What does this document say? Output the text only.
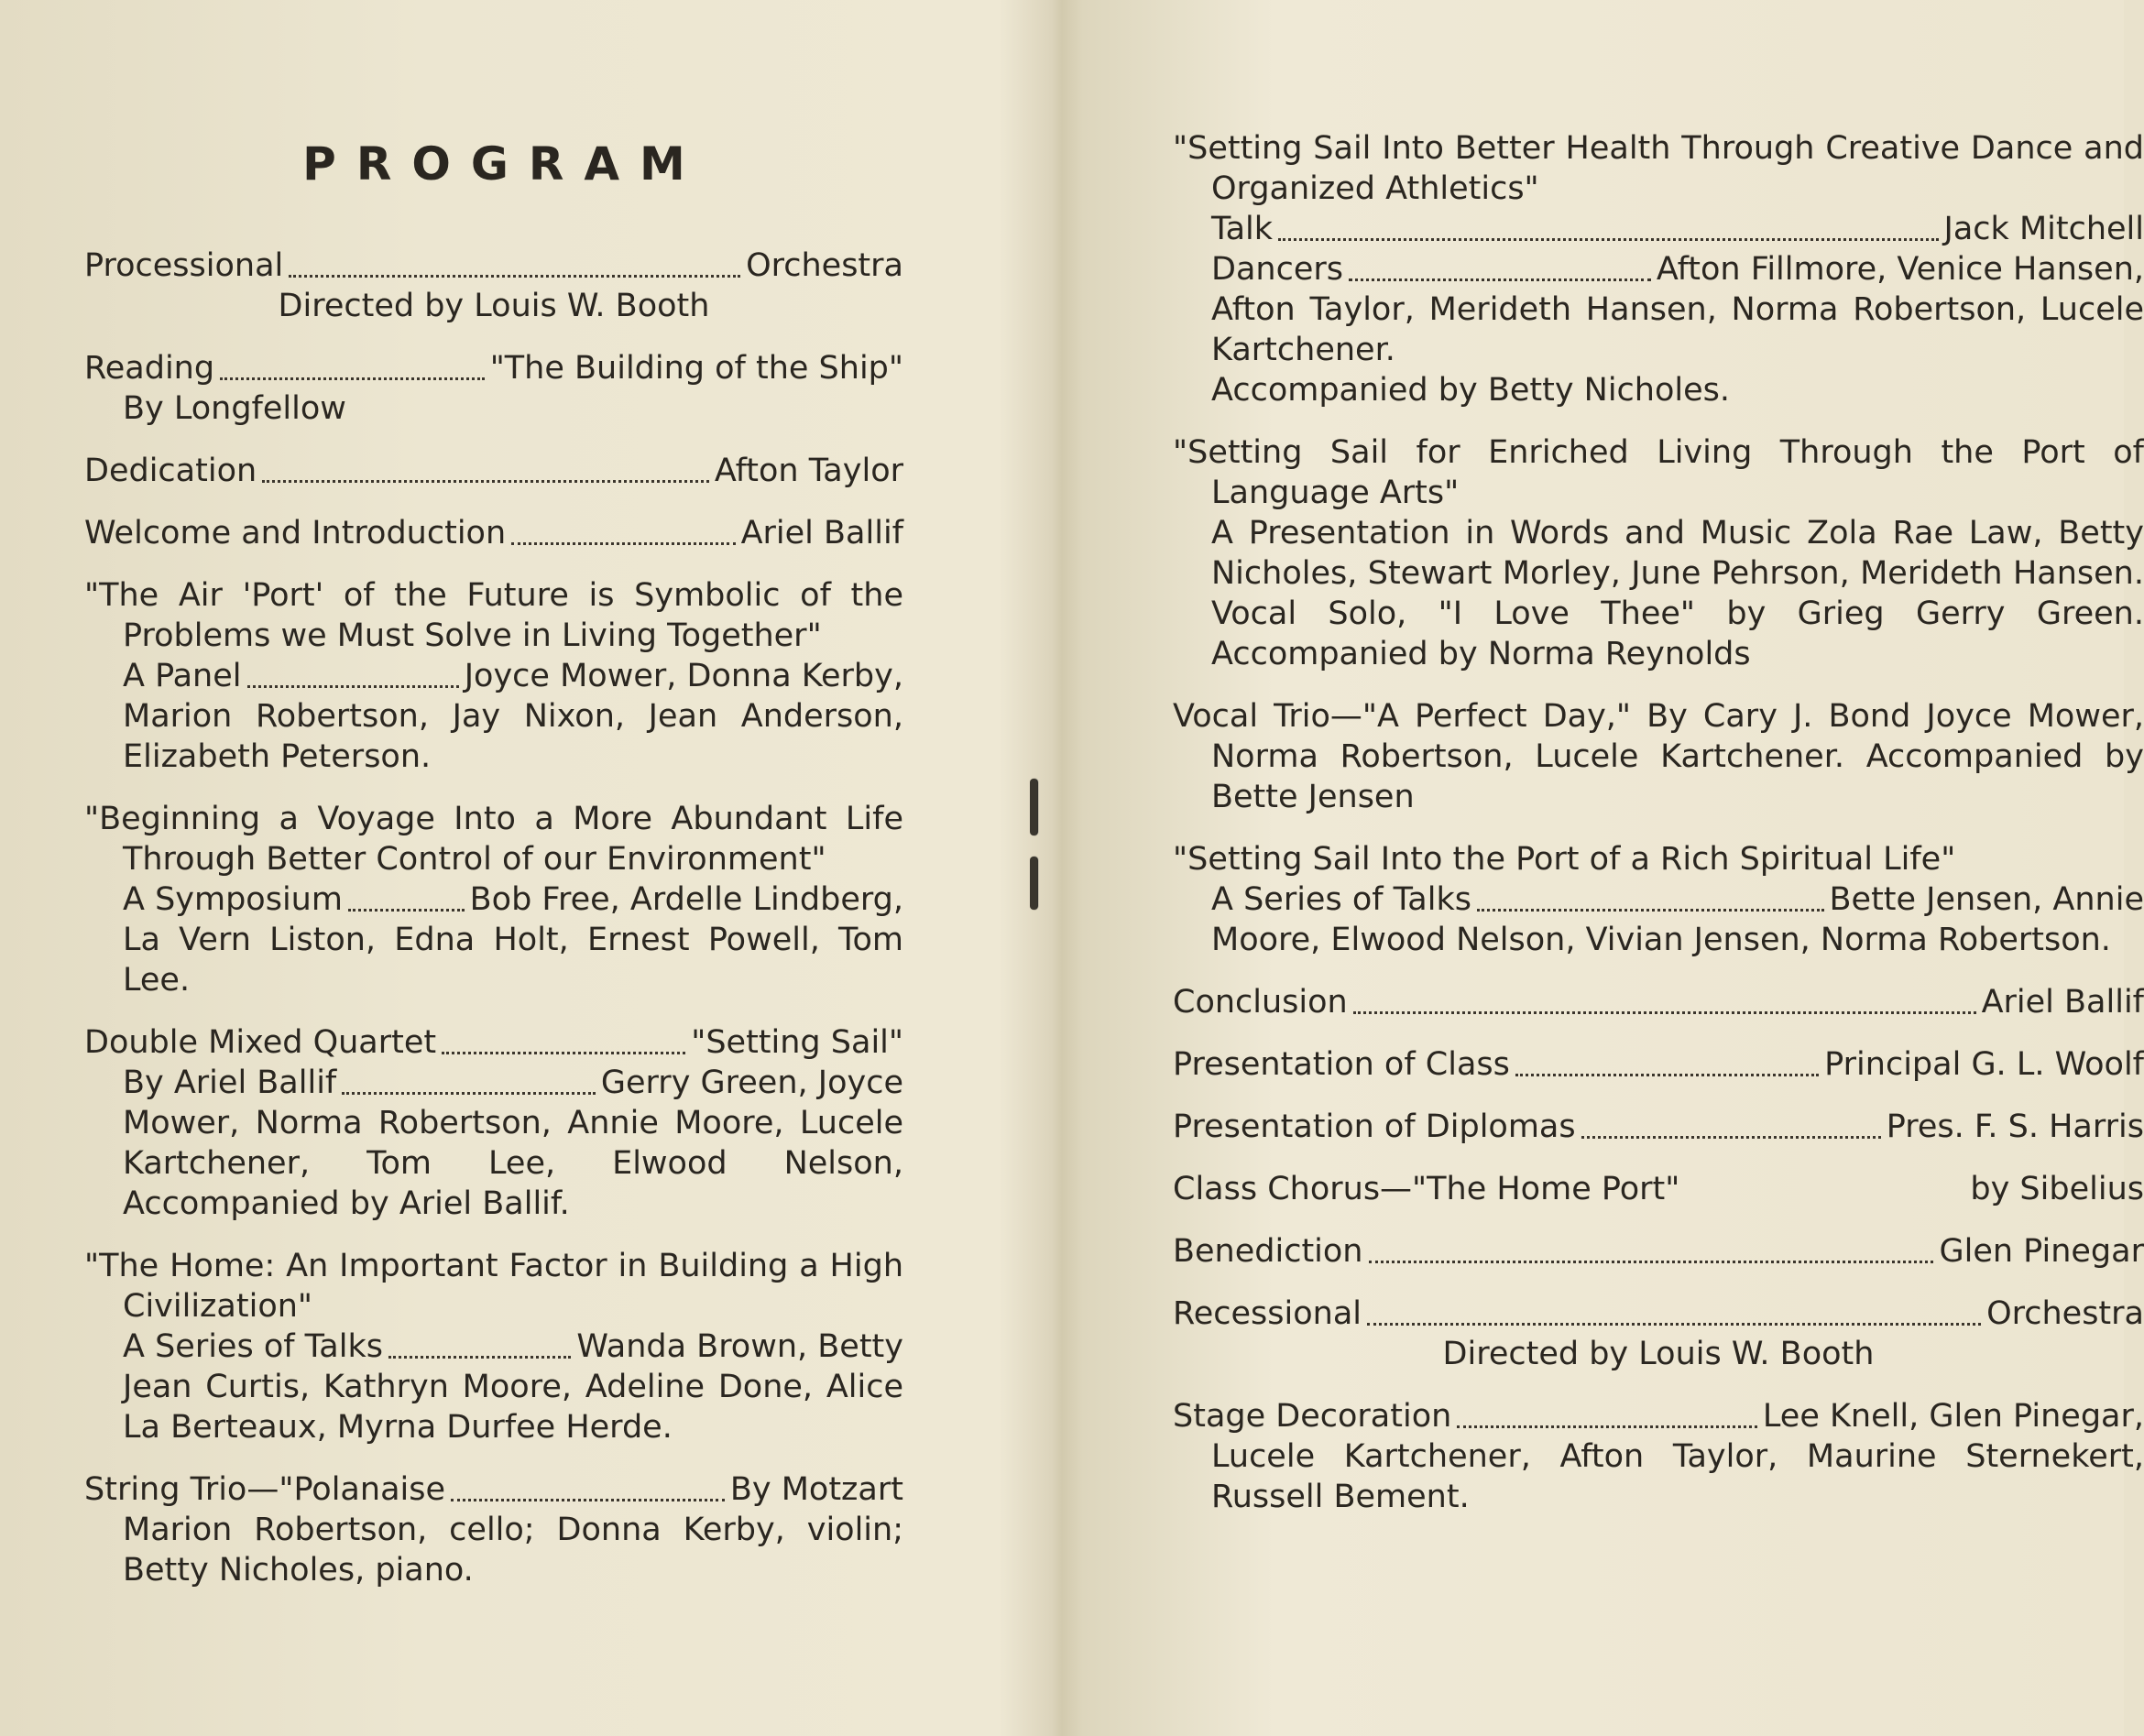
PROGRAM
Processional	Orchestra
Directed by Louis W. Booth
Reading	"The Building of the Ship"
By Longfellow
Dedication	Afton Taylor
Welcome and Introduction	Ariel Ballif
"The Air 'Port' of the Future is Symbolic of the Problems we Must Solve in Living Together"
A Panel	Joyce Mower, Donna Kerby,
Marion Robertson, Jay Nixon, Jean Anderson, Elizabeth Peterson.
"Beginning a Voyage Into a More Abundant Life Through Better Control of our Environment"
A Symposium	Bob Free, Ardelle Lindberg,
La Vern Liston, Edna Holt, Ernest Powell, Tom Lee.
Double Mixed Quartet	"Setting Sail"
By Ariel Ballif	Gerry Green, Joyce
Mower, Norma Robertson, Annie Moore, Lucele Kartchener, Tom Lee, Elwood Nelson, Accompanied by Ariel Ballif.
"The Home: An Important Factor in Building a High Civilization"
A Series of Talks	Wanda Brown, Betty
Jean Curtis, Kathryn Moore, Adeline Done, Alice La Berteaux, Myrna Durfee Herde.
String Trio—"Polanaise	By Motzart
Marion Robertson, cello; Donna Kerby, violin; Betty Nicholes, piano.
"Setting Sail Into Better Health Through Creative Dance and Organized Athletics"
Talk	Jack Mitchell
Dancers	Afton Fillmore, Venice Hansen,
Afton Taylor, Merideth Hansen, Norma Robertson, Lucele Kartchener.
Accompanied by Betty Nicholes.
"Setting Sail for Enriched Living Through the Port of Language Arts"
A Presentation in Words and Music Zola Rae Law, Betty Nicholes, Stewart Morley, June Pehrson, Merideth Hansen. Vocal Solo, "I Love Thee" by Grieg Gerry Green. Accompanied by Norma Reynolds
Vocal Trio—"A Perfect Day," By Cary J. Bond Joyce Mower, Norma Robertson, Lucele Kartchener. Accompanied by Bette Jensen
"Setting Sail Into the Port of a Rich Spiritual Life"
A Series of Talks	Bette Jensen, Annie
Moore, Elwood Nelson, Vivian Jensen, Norma Robertson.
Conclusion	Ariel Ballif
Presentation of Class	Principal G. L. Woolf
Presentation of Diplomas	Pres. F. S. Harris
Class Chorus—"The Home Port"	by Sibelius
Benediction	Glen Pinegar
Recessional	Orchestra
Directed by Louis W. Booth
Stage Decoration	Lee Knell, Glen Pinegar,
Lucele Kartchener, Afton Taylor, Maurine Sternekert, Russell Bement.
